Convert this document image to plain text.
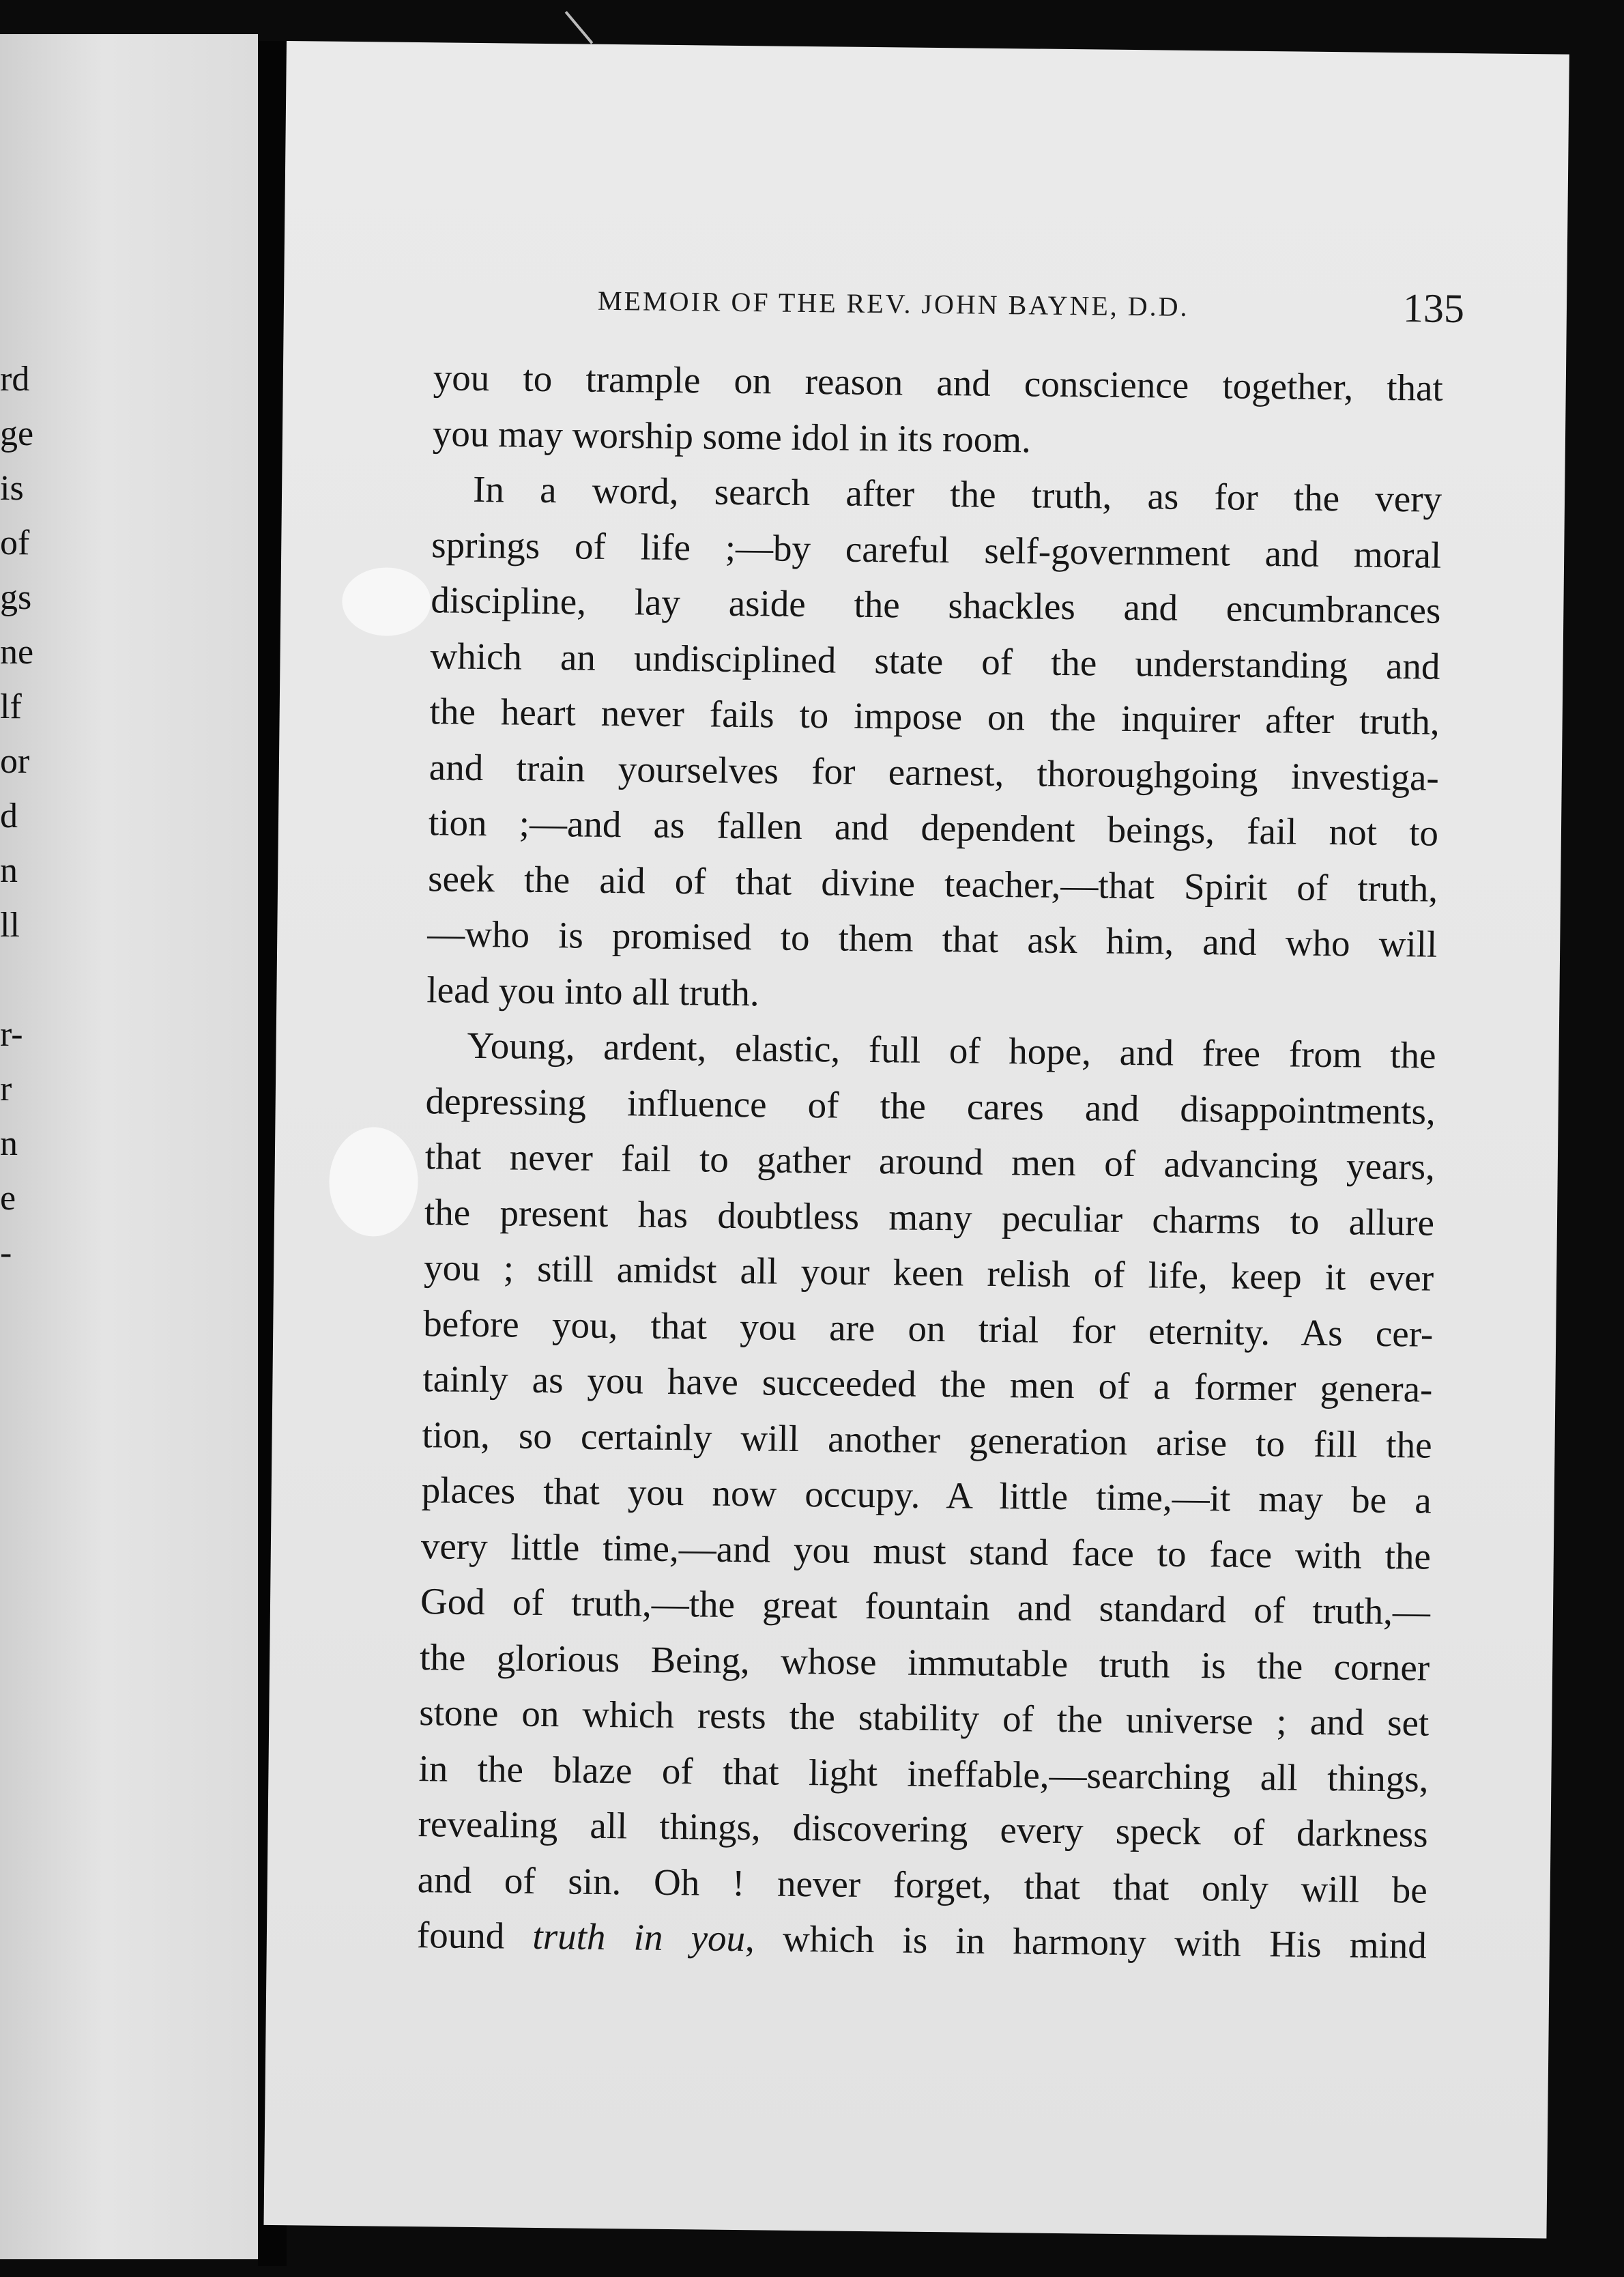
rd
ge
is
of
gs
ne
lf
or
d
n
ll
r-
r
n
e
-
MEMOIR OF THE REV. JOHN BAYNE, D.D.	135
you to trample on reason and conscience together, that
you may worship some idol in its room.
In a word, search after the truth, as for the very
springs of life ;—by careful self-government and moral
discipline, lay aside the shackles and encumbrances
which an undisciplined state of the understanding and
the heart never fails to impose on the inquirer after truth,
and train yourselves for earnest, thoroughgoing investiga-
tion ;—and as fallen and dependent beings, fail not to
seek the aid of that divine teacher,—that Spirit of truth,
—who is promised to them that ask him, and who will
lead you into all truth.
Young, ardent, elastic, full of hope, and free from the
depressing influence of the cares and disappointments,
that never fail to gather around men of advancing years,
the present has doubtless many peculiar charms to allure
you ; still amidst all your keen relish of life, keep it ever
before you, that you are on trial for eternity. As cer-
tainly as you have succeeded the men of a former genera-
tion, so certainly will another generation arise to fill the
places that you now occupy. A little time,—it may be a
very little time,—and you must stand face to face with the
God of truth,—the great fountain and standard of truth,—
the glorious Being, whose immutable truth is the corner
stone on which rests the stability of the universe ; and set
in the blaze of that light ineffable,—searching all things,
revealing all things, discovering every speck of darkness
and of sin. Oh ! never forget, that that only will be
found truth in you, which is in harmony with His mind
